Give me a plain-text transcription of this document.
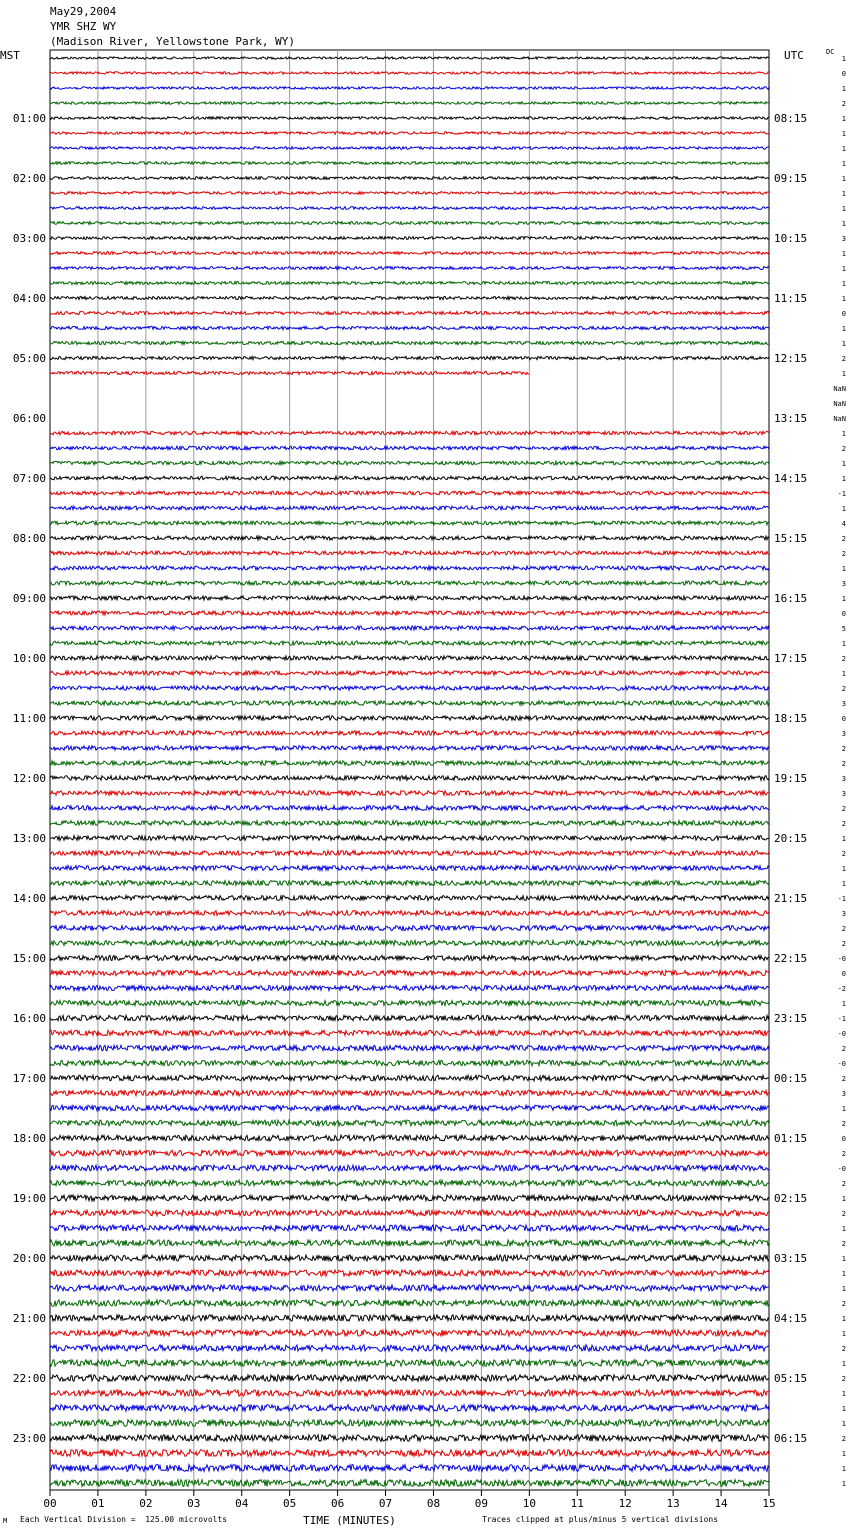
May29,2004
YMR SHZ WY
(Madison River, Yellowstone Park, WY)
MST	UTC	DC
01:00
02:00
03:00
04:00
05:00
06:00
07:00
08:00
09:00
10:00
11:00
12:00
13:00
14:00
15:00
16:00
17:00
18:00
19:00
20:00
21:00
22:00
23:00
08:15
09:15
10:15
11:15
12:15
13:15
14:15
15:15
16:15
17:15
18:15
19:15
20:15
21:15
22:15
23:15
00:15
01:15
02:15
03:15
04:15
05:15
06:15
1
0
1
2
1
1
1
1
1
1
1
1
3
1
1
1
1
0
1
1
2
1
NaN
NaN
NaN
1
2
1
1
-1
1
4
2
2
1
3
1
0
5
1
2
1
2
3
0
3
2
2
3
3
2
2
1
2
1
1
-1
3
2
2
-0
0
-2
1
-1
-0
2
-0
2
3
1
2
0
2
-0
2
1
2
1
2
1
1
1
2
1
1
2
1
2
1
1
1
2
1
1
1
00	01	02	03	04	05	06	07	08	09	10	11	12	13	14	15
TIME (MINUTES)
M Each Vertical Division =  125.00 microvolts	Traces clipped at plus/minus 5 vertical divisions
